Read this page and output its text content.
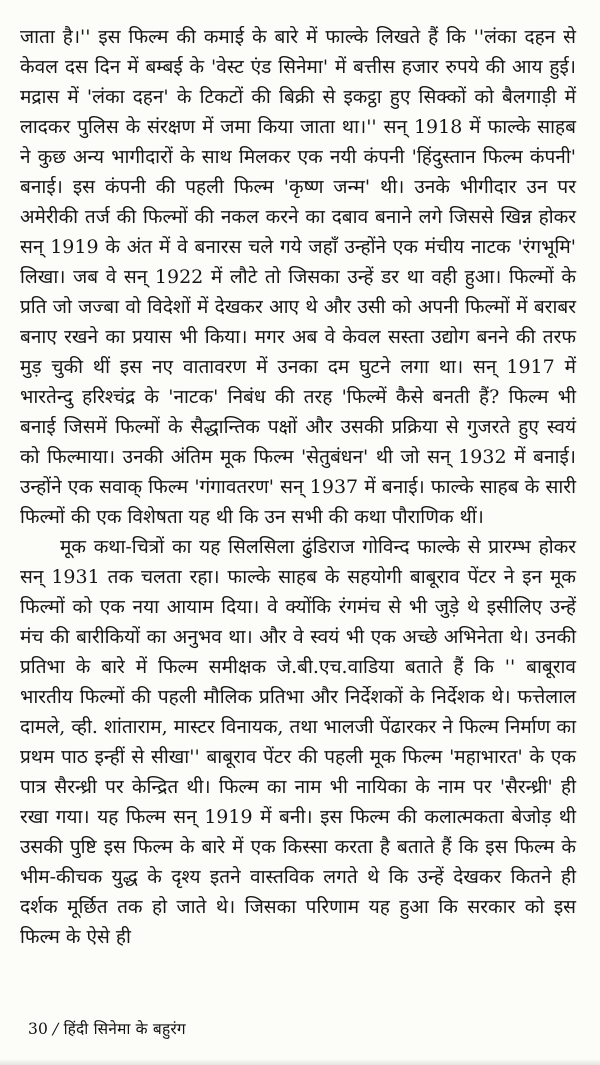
जाता है।'' इस फिल्म की कमाई के बारे में फाल्के लिखते हैं कि ''लंका दहन से केवल दस दिन में बम्बई के 'वेस्ट एंड सिनेमा' में बत्तीस हजार रुपये की आय हुई। मद्रास में 'लंका दहन' के टिकटों की बिक्री से इकट्ठा हुए सिक्कों को बैलगाड़ी में लादकर पुलिस के संरक्षण में जमा किया जाता था।'' सन् 1918 में फाल्के साहब ने कुछ अन्य भागीदारों के साथ मिलकर एक नयी कंपनी 'हिंदुस्तान फिल्म कंपनी' बनाई। इस कंपनी की पहली फिल्म 'कृष्ण जन्म' थी। उनके भीगीदार उन पर अमेरीकी तर्ज की फिल्मों की नकल करने का दबाव बनाने लगे जिससे खिन्न होकर सन् 1919 के अंत में वे बनारस चले गये जहाँ उन्होंने एक मंचीय नाटक 'रंगभूमि' लिखा। जब वे सन् 1922 में लौटे तो जिसका उन्हें डर था वही हुआ। फिल्मों के प्रति जो जज्बा वो विदेशों में देखकर आए थे और उसी को अपनी फिल्मों में बराबर बनाए रखने का प्रयास भी किया। मगर अब वे केवल सस्ता उद्योग बनने की तरफ मुड़ चुकी थीं इस नए वातावरण में उनका दम घुटने लगा था। सन् 1917 में भारतेन्दु हरिश्चंद्र के 'नाटक' निबंध की तरह 'फिल्में कैसे बनती हैं? फिल्म भी बनाई जिसमें फिल्मों के सैद्धान्तिक पक्षों और उसकी प्रक्रिया से गुजरते हुए स्वयं को फिल्माया। उनकी अंतिम मूक फिल्म 'सेतुबंधन' थी जो सन् 1932 में बनाई। उन्होंने एक सवाक् फिल्म 'गंगावतरण' सन् 1937 में बनाई। फाल्के साहब के सारी फिल्मों की एक विशेषता यह थी कि उन सभी की कथा पौराणिक थीं।

मूक कथा-चित्रों का यह सिलसिला ढुंडिराज गोविन्द फाल्के से प्रारम्भ होकर सन् 1931 तक चलता रहा। फाल्के साहब के सहयोगी बाबूराव पेंटर ने इन मूक फिल्मों को एक नया आयाम दिया। वे क्योंकि रंगमंच से भी जुड़े थे इसीलिए उन्हें मंच की बारीकियों का अनुभव था। और वे स्वयं भी एक अच्छे अभिनेता थे। उनकी प्रतिभा के बारे में फिल्म समीक्षक जे.बी.एच.वाडिया बताते हैं कि '' बाबूराव भारतीय फिल्मों की पहली मौलिक प्रतिभा और निर्देशकों के निर्देशक थे। फत्तेलाल दामले, व्ही. शांताराम, मास्टर विनायक, तथा भालजी पेंढारकर ने फिल्म निर्माण का प्रथम पाठ इन्हीं से सीखा'' बाबूराव पेंटर की पहली मूक फिल्म 'महाभारत' के एक पात्र सैरन्ध्री पर केन्द्रित थी। फिल्म का नाम भी नायिका के नाम पर 'सैरन्ध्री' ही रखा गया। यह फिल्म सन् 1919 में बनी। इस फिल्म की कलात्मकता बेजोड़ थी उसकी पुष्टि इस फिल्म के बारे में एक किस्सा करता है बताते हैं कि इस फिल्म के भीम-कीचक युद्ध के दृश्य इतने वास्तविक लगते थे कि उन्हें देखकर कितने ही दर्शक मूर्छित तक हो जाते थे। जिसका परिणाम यह हुआ कि सरकार को इस फिल्म के ऐसे ही

30 / हिंदी सिनेमा के बहुरंग
